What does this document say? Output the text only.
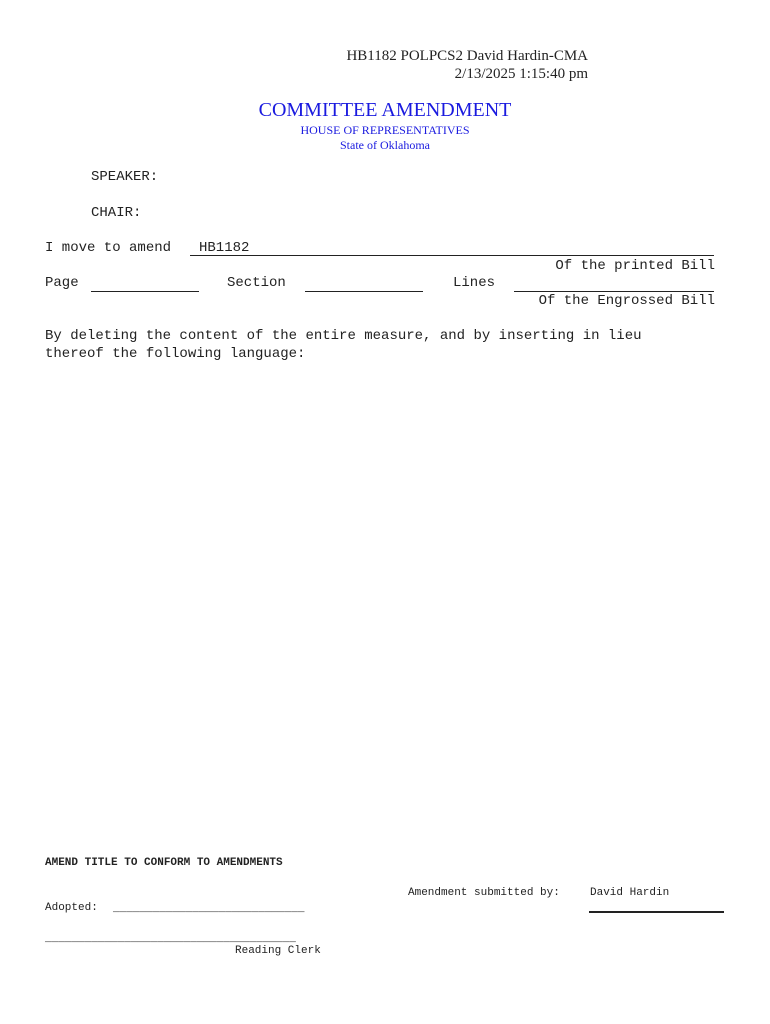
HB1182 POLPCS2 David Hardin-CMA
2/13/2025 1:15:40 pm
COMMITTEE AMENDMENT
HOUSE OF REPRESENTATIVES
State of Oklahoma
SPEAKER:
CHAIR:
I move to amend HB1182
Of the printed Bill
Page	Section	Lines
Of the Engrossed Bill
By deleting the content of the entire measure, and by inserting in lieu
thereof the following language:
AMEND TITLE TO CONFORM TO AMENDMENTS
Amendment submitted by:	David Hardin
Adopted: _____________________________
______________________________________
Reading Clerk
